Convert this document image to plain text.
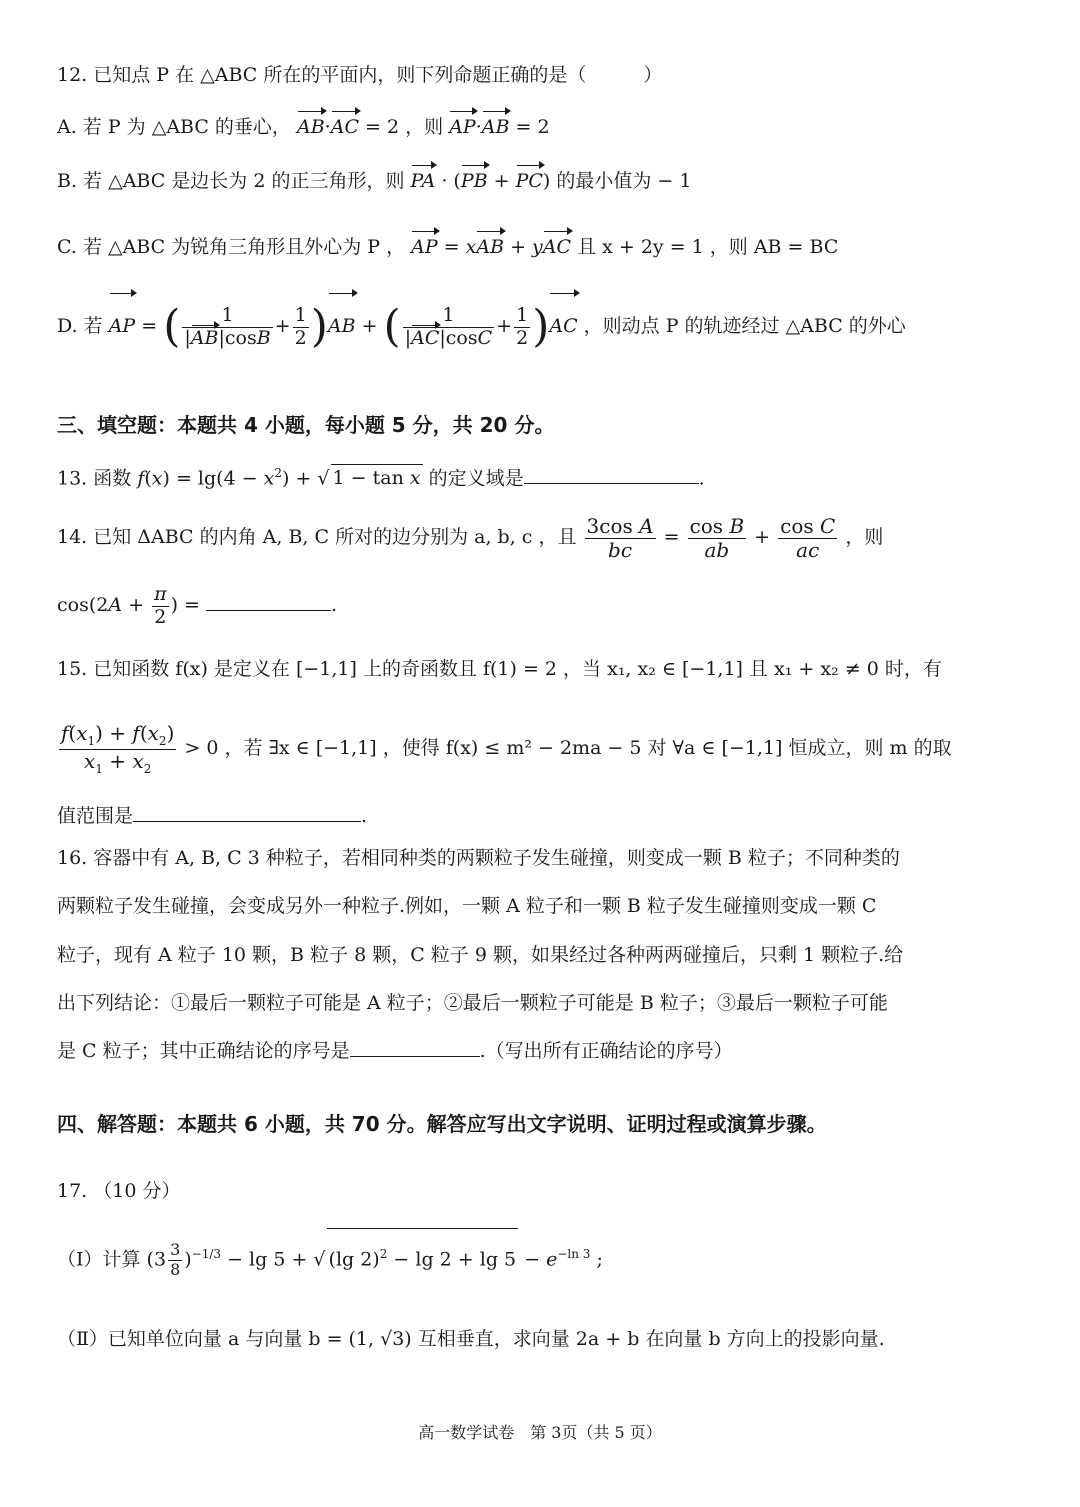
12. 已知点 P 在 △ABC 所在的平面内，则下列命题正确的是（　　　）
A. 若 P 为 △ABC 的垂心， AB·AC = 2 ，则 AP·AB = 2
B. 若 △ABC 是边长为 2 的正三角形，则 PA · (PB + PC) 的最小值为 − 1
C. 若 △ABC 为锐角三角形且外心为 P ， AP = xAB + yAC 且 x + 2y = 1 ，则 AB = BC
D. 若 AP = ( $\frac{1}{|AB|\cos B} + \frac{1}{2} )AB$ + ( $\frac{1}{|AC|\cos C} + \frac{1}{2} )AC$ ，则动点 P 的轨迹经过 △ABC 的外心
三、填空题：本题共 4 小题，每小题 5 分，共 20 分。
13. 函数 $f(x) = \lg(4 - x^2)$ + √ 1 − tan x 的定义域是	.
14. 已知 ΔABC 的内角 A, B, C 所对的边分别为 a, b, c ，且 $\frac{\text{3cos A}}{bc} = \frac{\text{cos B}}{ab} + \frac{\text{cos C}}{ac}$ ，则
$\cos(2A + \frac{\pi}{2}$ ) =	.
15. 已知函数 f(x) 是定义在 [−1,1] 上的奇函数且 f(1) = 2 ，当 x₁, x₂ ∈ [−1,1] 且 x₁ + x₂ ≠ 0 时，有
$\frac{f(x_1) + f(x_2)}{x_1 + x_2} > 0$ ，若 ∃x ∈ [−1,1] ，使得 f(x) ≤ m² − 2ma − 5 对 ∀a ∈ [−1,1] 恒成立，则 m 的取
值范围是	.
16. 容器中有 A, B, C 3 种粒子，若相同种类的两颗粒子发生碰撞，则变成一颗 B 粒子；不同种类的
两颗粒子发生碰撞，会变成另外一种粒子.例如，一颗 A 粒子和一颗 B 粒子发生碰撞则变成一颗 C
粒子，现有 A 粒子 10 颗，B 粒子 8 颗，C 粒子 9 颗，如果经过各种两两碰撞后，只剩 1 颗粒子.给
出下列结论：①最后一颗粒子可能是 A 粒子；②最后一颗粒子可能是 B 粒子；③最后一颗粒子可能
是 C 粒子；其中正确结论的序号是	.（写出所有正确结论的序号）
四、解答题：本题共 6 小题，共 70 分。解答应写出文字说明、证明过程或演算步骤。
17. （10 分）
（Ⅰ）计算 $(3 \frac{3}{8} )^{-1/3} - \lg 5$ + √ (lg $2)^2 - \lg 2 + \lg 5 - e^{-ln 3}$ ;
（Ⅱ）已知单位向量 a 与向量 b = (1, √3) 互相垂直，求向量 2a + b 在向量 b 方向上的投影向量.
高一数学试卷　第 3页（共 5 页）
